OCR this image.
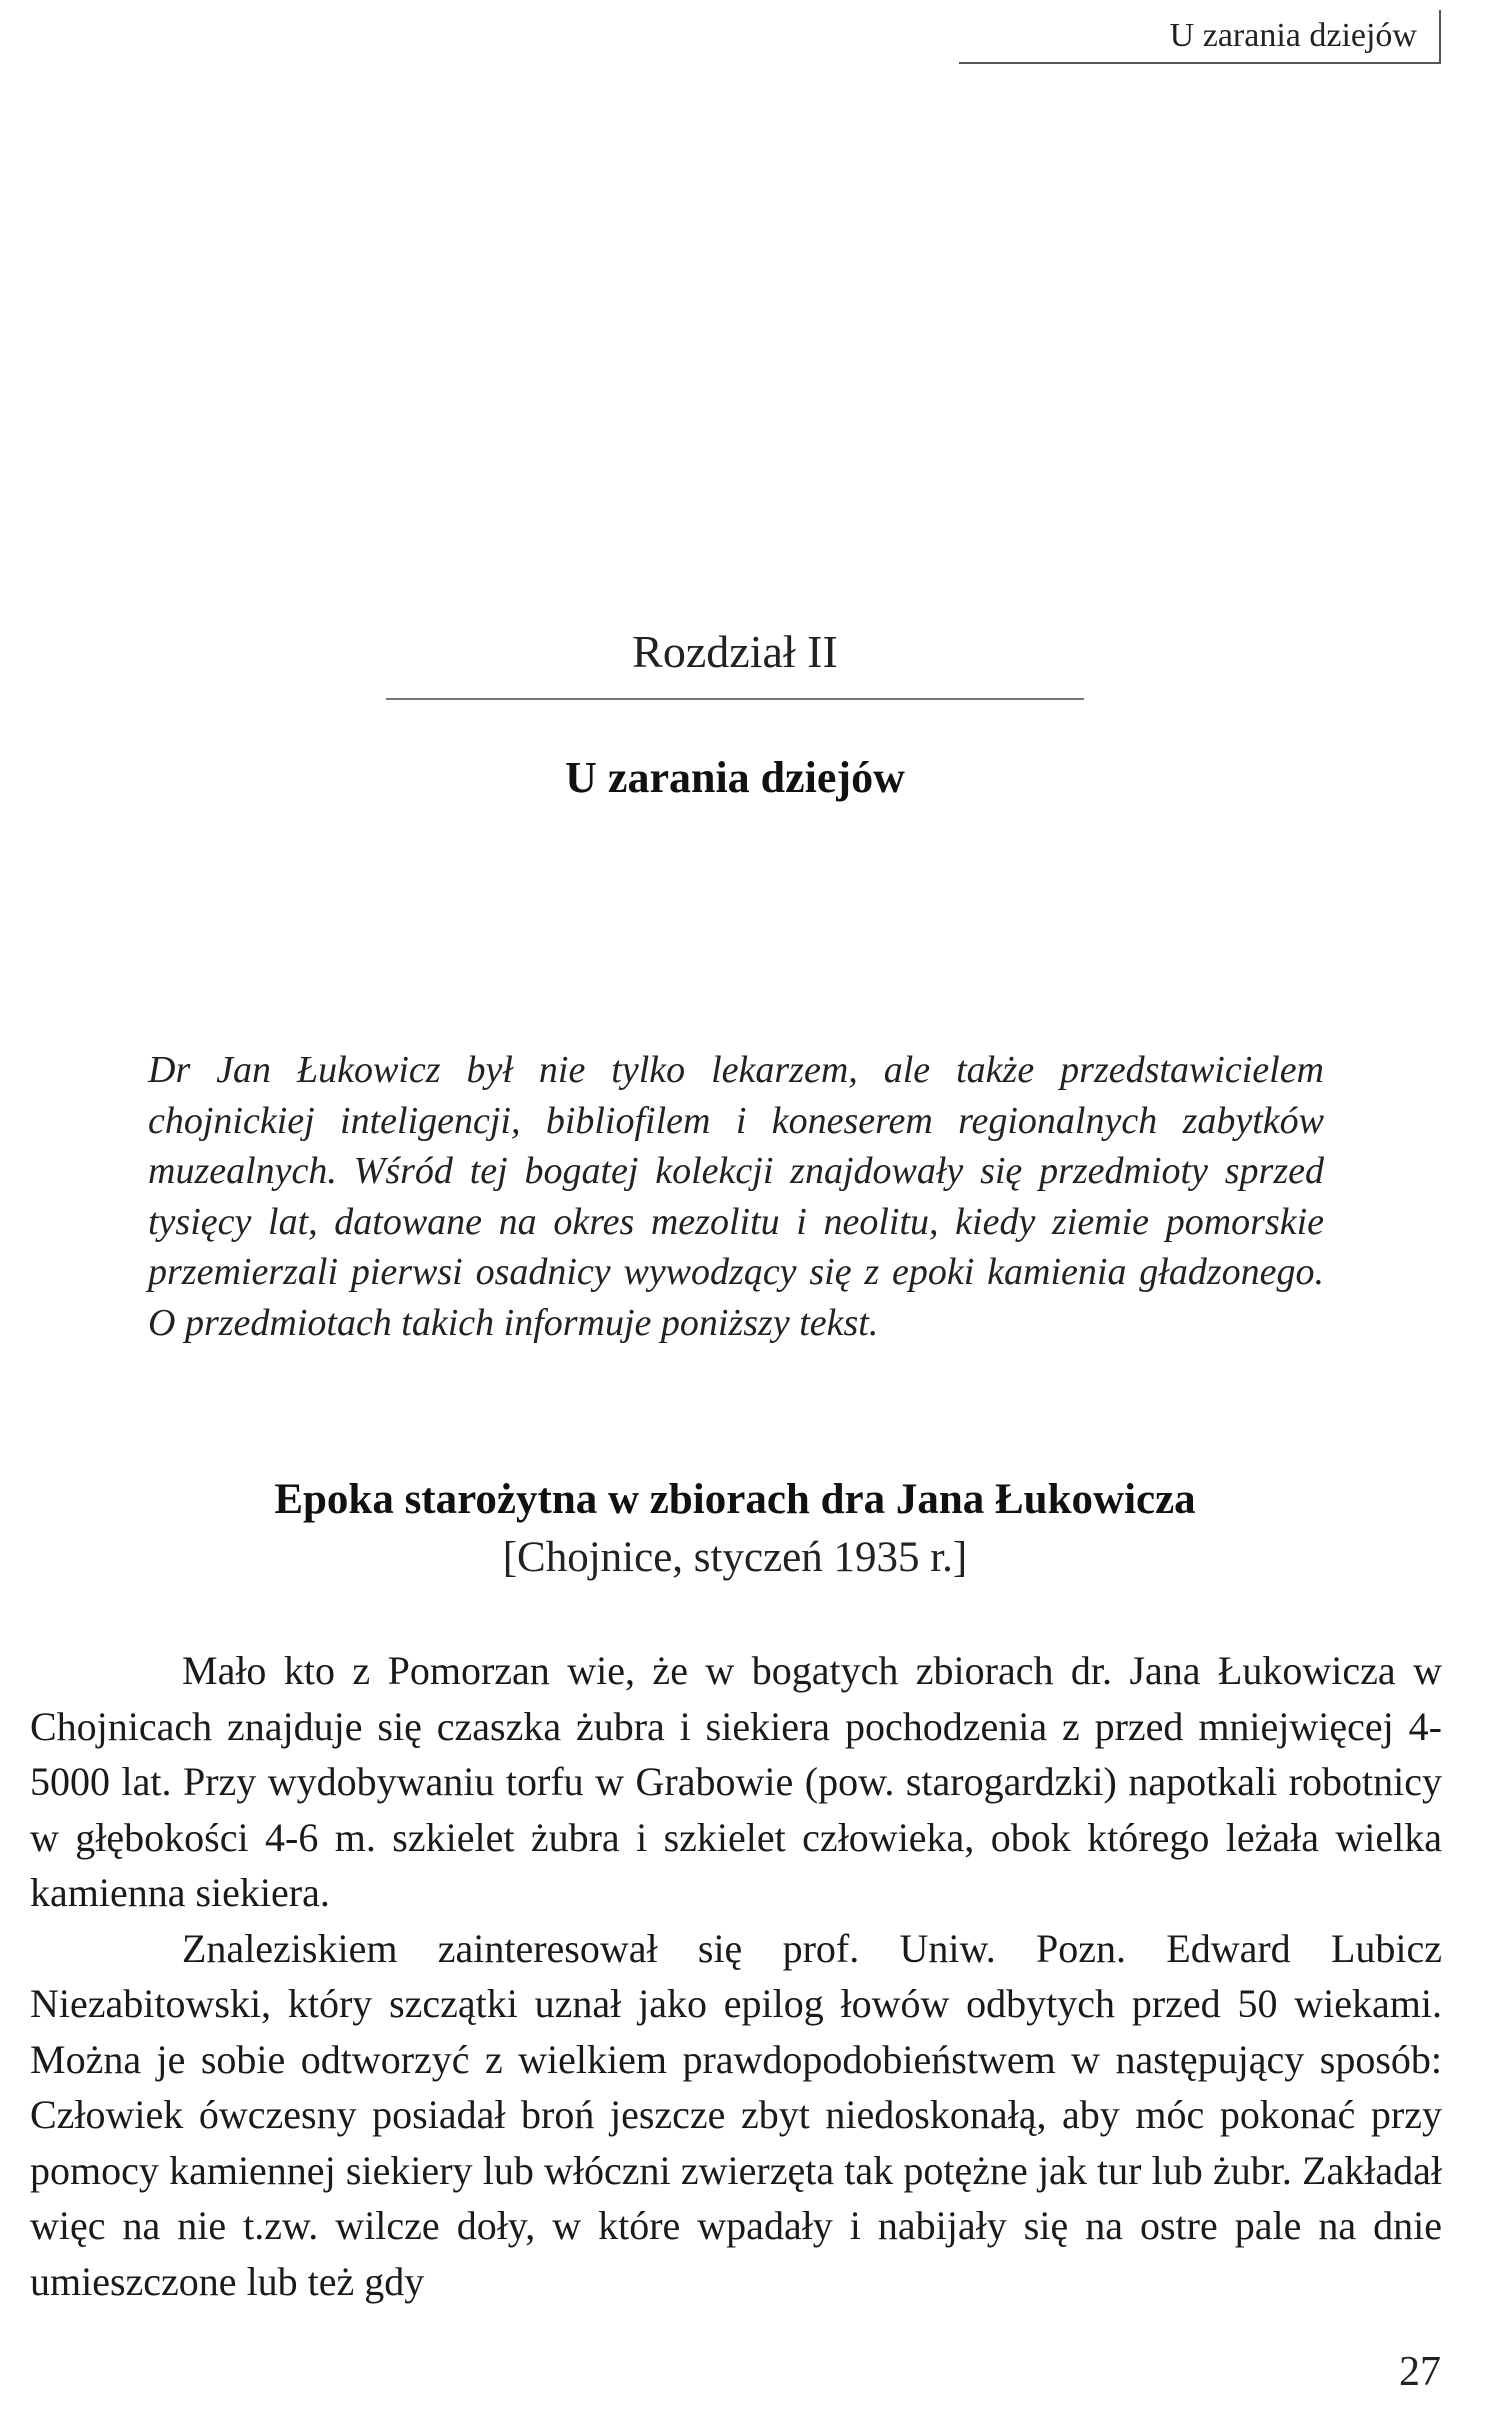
U zarania dziejów
Rozdział II
U zarania dziejów

Dr Jan Łukowicz był nie tylko lekarzem, ale także przedstawicielem chojnickiej inteligencji, bibliofilem i koneserem regionalnych zabytków muzealnych. Wśród tej bogatej kolekcji znajdowały się przedmioty sprzed tysięcy lat, datowane na okres mezolitu i neolitu, kiedy ziemie pomorskie przemierzali pierwsi osadnicy wywodzący się z epoki kamienia gładzonego. O przedmiotach takich informuje poniższy tekst.

Epoka starożytna w zbiorach dra Jana Łukowicza
[Chojnice, styczeń 1935 r.]

Mało kto z Pomorzan wie, że w bogatych zbiorach dr. Jana Łukowicza w Chojnicach znajduje się czaszka żubra i siekiera pochodzenia z przed mniejwięcej 4-5000 lat. Przy wydobywaniu torfu w Grabowie (pow. starogardzki) napotkali robotnicy w głębokości 4-6 m. szkielet żubra i szkielet człowieka, obok którego leżała wielka kamienna siekiera.

Znaleziskiem zainteresował się prof. Uniw. Pozn. Edward Lubicz Niezabitowski, który szczątki uznał jako epilog łowów odbytych przed 50 wiekami. Można je sobie odtworzyć z wielkiem prawdopodobieństwem w następujący sposób: Człowiek ówczesny posiadał broń jeszcze zbyt niedoskonałą, aby móc pokonać przy pomocy kamiennej siekiery lub włóczni zwierzęta tak potężne jak tur lub żubr. Zakładał więc na nie t.zw. wilcze doły, w które wpadały i nabijały się na ostre pale na dnie umieszczone lub też gdy

27
